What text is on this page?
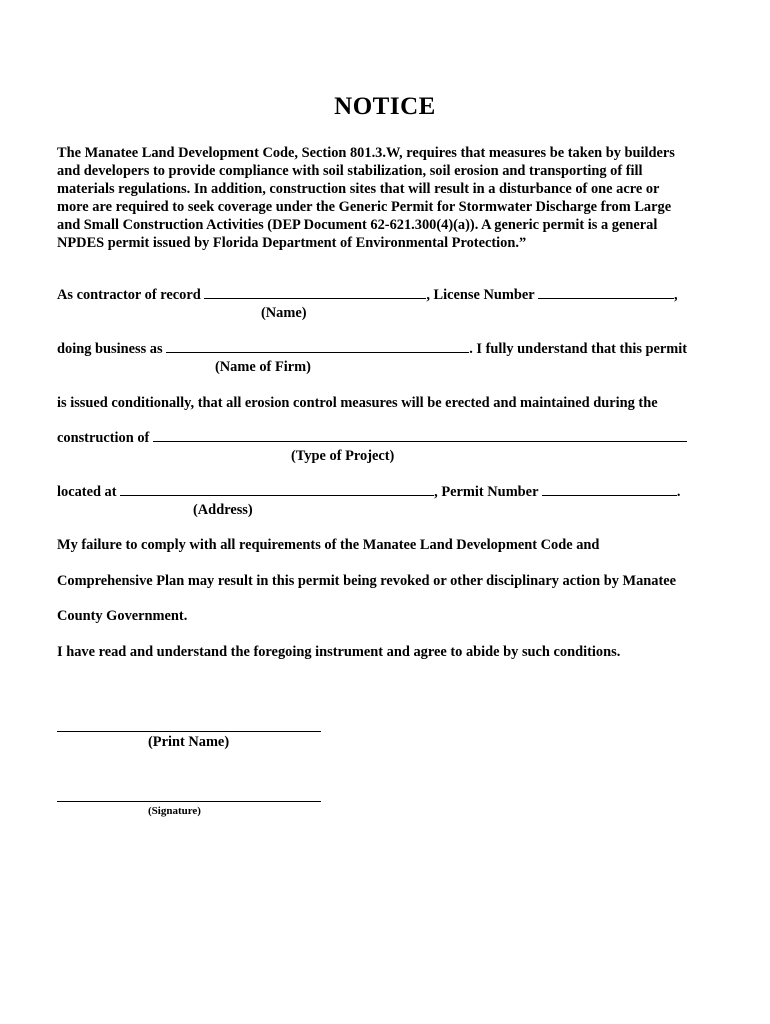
NOTICE
The Manatee Land Development Code, Section 801.3.W, requires that measures be taken by builders
and developers to provide compliance with soil stabilization, soil erosion and transporting of fill
materials regulations. In addition, construction sites that will result in a disturbance of one acre or
more are required to seek coverage under the Generic Permit for Stormwater Discharge from Large
and Small Construction Activities (DEP Document 62-621.300(4)(a)). A generic permit is a general
NPDES permit issued by Florida Department of Environmental Protection.”
As contractor of record	, License Number	,
(Name)
doing business as	. I fully understand that this permit
(Name of Firm)
is issued conditionally, that all erosion control measures will be erected and maintained during the
construction of
(Type of Project)
located at	, Permit Number	.
(Address)
My failure to comply with all requirements of the Manatee Land Development Code and
Comprehensive Plan may result in this permit being revoked or other disciplinary action by Manatee
County Government.
I have read and understand the foregoing instrument and agree to abide by such conditions.
(Print Name)
(Signature)
